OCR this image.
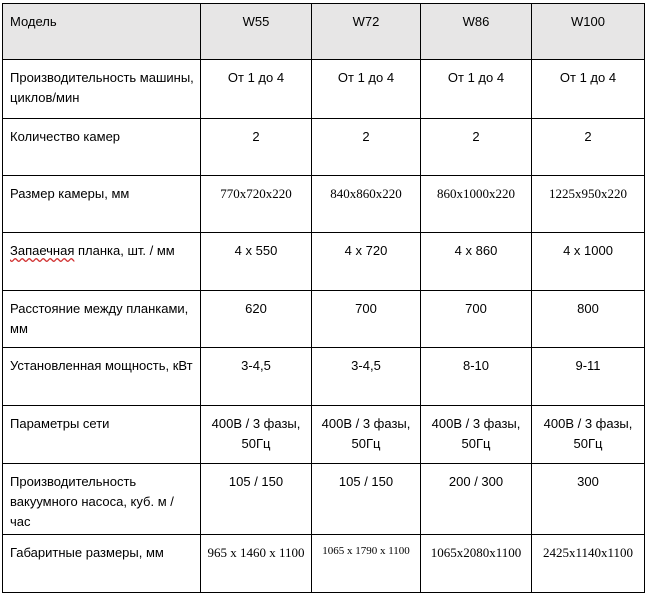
Модель	W55	W72	W86	W100
Производительность машины, циклов/мин	От 1 до 4	От 1 до 4	От 1 до 4	От 1 до 4
Количество камер	2	2	2	2
Размер камеры, мм	770x720x220	840x860x220	860x1000x220	1225x950x220
Запаечная планка, шт. / мм	4 x 550	4 x 720	4 x 860	4 x 1000
Расстояние между планками, мм	620	700	700	800
Установленная мощность, кВт	3-4,5	3-4,5	8-10	9-11
Параметры сети	400В / 3 фазы, 50Гц	400В / 3 фазы, 50Гц	400В / 3 фазы, 50Гц	400В / 3 фазы, 50Гц
Производительность вакуумного насоса, куб. м /час	105 / 150	105 / 150	200 / 300	300
Габаритные размеры, мм	965 x 1460 x 1100	1065 x 1790 x 1100	1065x2080x1100	2425x1140x1100
